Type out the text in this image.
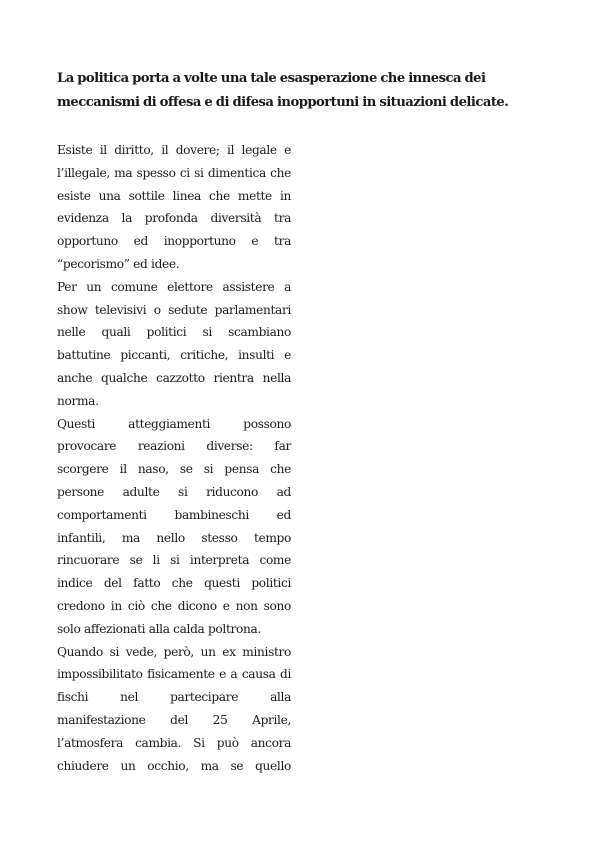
La politica porta a volte una tale esasperazione che innesca dei meccanismi di offesa e di difesa inopportuni in situazioni delicate.

Esiste il diritto, il dovere; il legale e l’illegale, ma spesso ci si dimentica che esiste una sottile linea che mette in evidenza la profonda diversità tra opportuno ed inopportuno e tra “pecorismo” ed idee.

Per un comune elettore assistere a show televisivi o sedute parlamentari nelle quali politici si scambiano battutine piccanti, critiche, insulti e anche qualche cazzotto rientra nella norma.

Questi atteggiamenti possono provocare reazioni diverse: far scorgere il naso, se si pensa che persone adulte si riducono ad comportamenti bambineschi ed infantili, ma nello stesso tempo rincuorare se li si interpreta come indice del fatto che questi politici credono in ciò che dicono e non sono solo affezionati alla calda poltrona.

Quando si vede, però, un ex ministro impossibilitato fisicamente e a causa di fischi nel partecipare alla manifestazione del 25 Aprile, l’atmosfera cambia. Si può ancora chiudere un occhio, ma se quello
